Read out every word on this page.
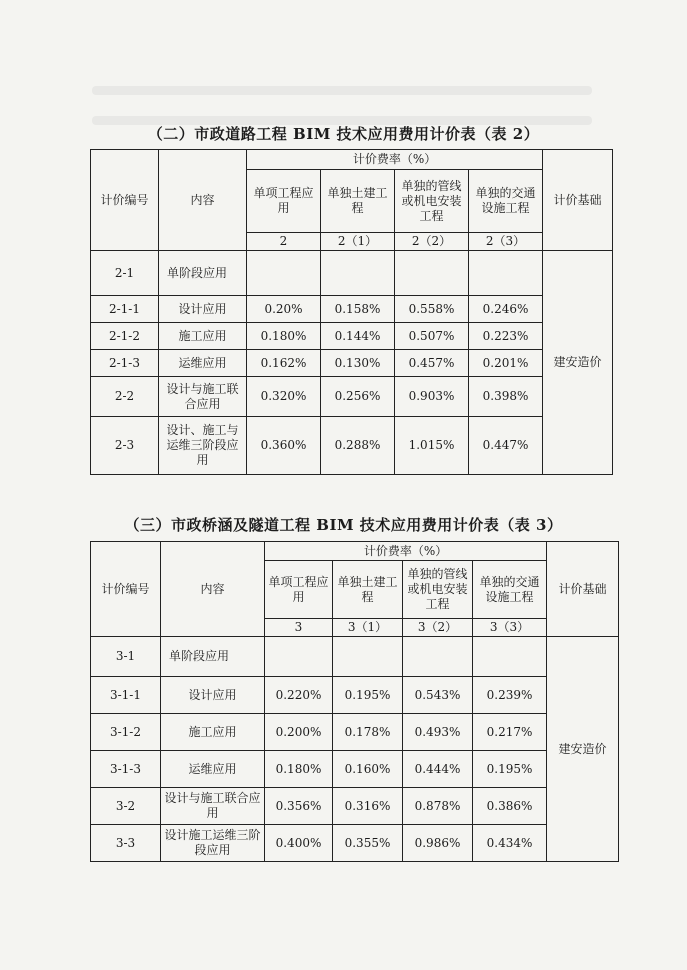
（二）市政道路工程 BIM 技术应用费用计价表（表 2）
计价编号	内容	计价费率（%）				计价基础
		单项工程应用	单独土建工程	单独的管线或机电安装工程	单独的交通设施工程	
		2	2（1）	2（2）	2（3）	
2-1	单阶段应用					建安造价
2-1-1	设计应用	0.20%	0.158%	0.558%	0.246%	
2-1-2	施工应用	0.180%	0.144%	0.507%	0.223%	
2-1-3	运维应用	0.162%	0.130%	0.457%	0.201%	
2-2	设计与施工联合应用	0.320%	0.256%	0.903%	0.398%	
2-3	设计、施工与运维三阶段应用	0.360%	0.288%	1.015%	0.447%	
（三）市政桥涵及隧道工程 BIM 技术应用费用计价表（表 3）
计价编号	内容	计价费率（%）				计价基础
		单项工程应用	单独土建工程	单独的管线或机电安装工程	单独的交通设施工程	
		3	3（1）	3（2）	3（3）	
3-1	单阶段应用					建安造价
3-1-1	设计应用	0.220%	0.195%	0.543%	0.239%	
3-1-2	施工应用	0.200%	0.178%	0.493%	0.217%	
3-1-3	运维应用	0.180%	0.160%	0.444%	0.195%	
3-2	设计与施工联合应用	0.356%	0.316%	0.878%	0.386%	
3-3	设计施工运维三阶段应用	0.400%	0.355%	0.986%	0.434%	
